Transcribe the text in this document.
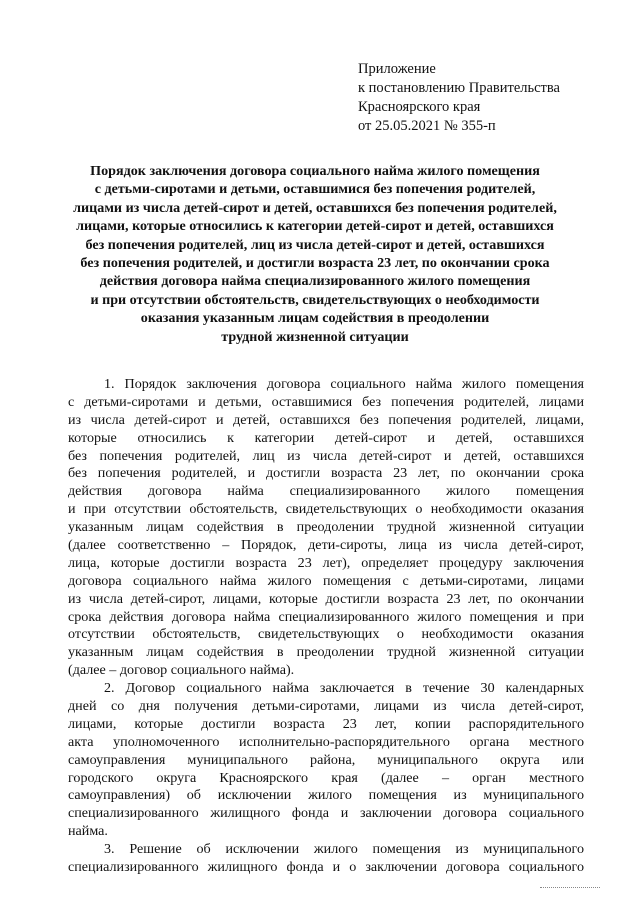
Приложение
к постановлению Правительства
Красноярского края
от 25.05.2021 № 355-п
Порядок заключения договора социального найма жилого помещения
с детьми-сиротами и детьми, оставшимися без попечения родителей,
лицами из числа детей-сирот и детей, оставшихся без попечения родителей,
лицами, которые относились к категории детей-сирот и детей, оставшихся
без попечения родителей, лиц из числа детей-сирот и детей, оставшихся
без попечения родителей, и достигли возраста 23 лет, по окончании срока
действия договора найма специализированного жилого помещения
и при отсутствии обстоятельств, свидетельствующих о необходимости
оказания указанным лицам содействия в преодолении
трудной жизненной ситуации
1. Порядок заключения договора социального найма жилого помещения
с детьми-сиротами и детьми, оставшимися без попечения родителей, лицами
из числа детей-сирот и детей, оставшихся без попечения родителей, лицами,
которые относились к категории детей-сирот и детей, оставшихся
без попечения родителей, лиц из числа детей-сирот и детей, оставшихся
без попечения родителей, и достигли возраста 23 лет, по окончании срока
действия договора найма специализированного жилого помещения
и при отсутствии обстоятельств, свидетельствующих о необходимости оказания
указанным лицам содействия в преодолении трудной жизненной ситуации
(далее соответственно – Порядок, дети-сироты, лица из числа детей-сирот,
лица, которые достигли возраста 23 лет), определяет процедуру заключения
договора социального найма жилого помещения с детьми-сиротами, лицами
из числа детей-сирот, лицами, которые достигли возраста 23 лет, по окончании
срока действия договора найма специализированного жилого помещения и при
отсутствии обстоятельств, свидетельствующих о необходимости оказания
указанным лицам содействия в преодолении трудной жизненной ситуации
(далее – договор социального найма).
2. Договор социального найма заключается в течение 30 календарных
дней со дня получения детьми-сиротами, лицами из числа детей-сирот,
лицами, которые достигли возраста 23 лет, копии распорядительного
акта уполномоченного исполнительно-распорядительного органа местного
самоуправления муниципального района, муниципального округа или
городского округа Красноярского края (далее – орган местного
самоуправления) об исключении жилого помещения из муниципального
специализированного жилищного фонда и заключении договора социального
найма.
3. Решение об исключении жилого помещения из муниципального
специализированного жилищного фонда и о заключении договора социального
